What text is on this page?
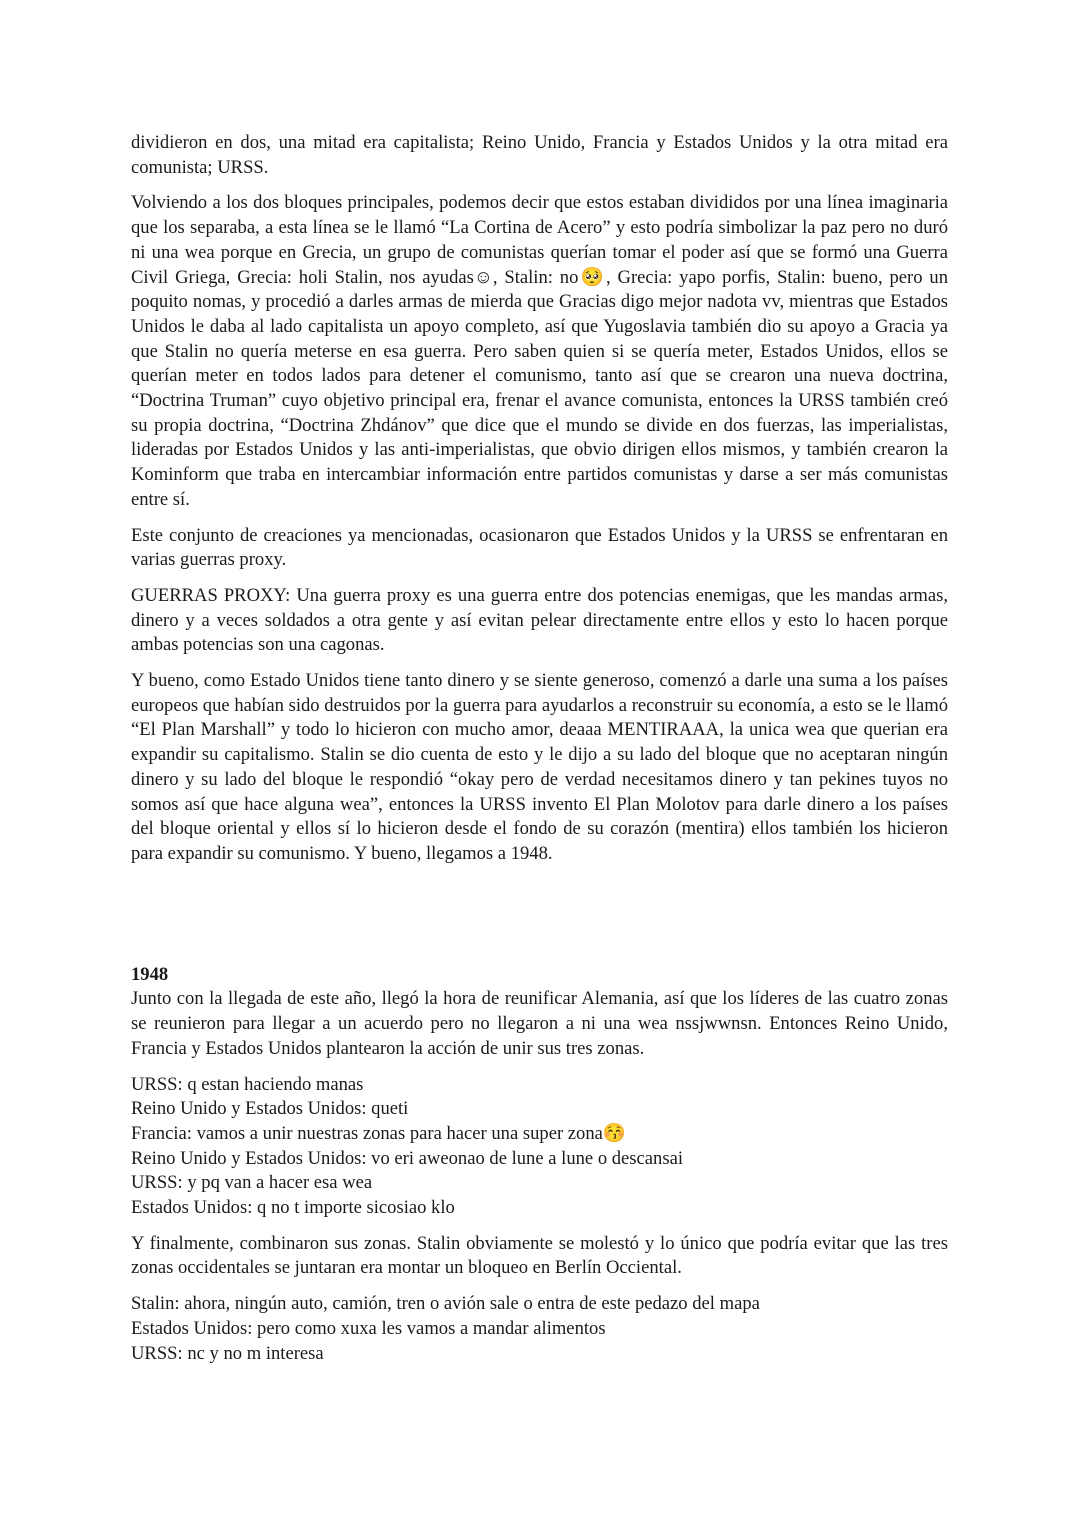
dividieron en dos, una mitad era capitalista; Reino Unido, Francia y Estados Unidos y la otra mitad era comunista; URSS.

Volviendo a los dos bloques principales, podemos decir que estos estaban divididos por una línea imaginaria que los separaba, a esta línea se le llamó “La Cortina de Acero” y esto podría simbolizar la paz pero no duró ni una wea porque en Grecia, un grupo de comunistas querían tomar el poder así que se formó una Guerra Civil Griega, Grecia: holi Stalin, nos ayudas☺, Stalin: no🥺, Grecia: yapo porfis, Stalin: bueno, pero un poquito nomas, y procedió a darles armas de mierda que Gracias digo mejor nadota vv, mientras que Estados Unidos le daba al lado capitalista un apoyo completo, así que Yugoslavia también dio su apoyo a Gracia ya que Stalin no quería meterse en esa guerra. Pero saben quien si se quería meter, Estados Unidos, ellos se querían meter en todos lados para detener el comunismo, tanto así que se crearon una nueva doctrina, “Doctrina Truman” cuyo objetivo principal era, frenar el avance comunista, entonces la URSS también creó su propia doctrina, “Doctrina Zhdánov” que dice que el mundo se divide en dos fuerzas, las imperialistas, lideradas por Estados Unidos y las anti-imperialistas, que obvio dirigen ellos mismos, y también crearon la Kominform que traba en intercambiar información entre partidos comunistas y darse a ser más comunistas entre sí.

Este conjunto de creaciones ya mencionadas, ocasionaron que Estados Unidos y la URSS se enfrentaran en varias guerras proxy.

GUERRAS PROXY: Una guerra proxy es una guerra entre dos potencias enemigas, que les mandas armas, dinero y a veces soldados a otra gente y así evitan pelear directamente entre ellos y esto lo hacen porque ambas potencias son una cagonas.

Y bueno, como Estado Unidos tiene tanto dinero y se siente generoso, comenzó a darle una suma a los países europeos que habían sido destruidos por la guerra para ayudarlos a reconstruir su economía, a esto se le llamó “El Plan Marshall” y todo lo hicieron con mucho amor, deaaa MENTIRAAA, la unica wea que querian era expandir su capitalismo. Stalin se dio cuenta de esto y le dijo a su lado del bloque que no aceptaran ningún dinero y su lado del bloque le respondió “okay pero de verdad necesitamos dinero y tan pekines tuyos no somos así que hace alguna wea”, entonces la URSS invento El Plan Molotov para darle dinero a los países del bloque oriental y ellos sí lo hicieron desde el fondo de su corazón (mentira) ellos también los hicieron para expandir su comunismo. Y bueno, llegamos a 1948.

1948

Junto con la llegada de este año, llegó la hora de reunificar Alemania, así que los líderes de las cuatro zonas se reunieron para llegar a un acuerdo pero no llegaron a ni una wea nssjwwnsn. Entonces Reino Unido, Francia y Estados Unidos plantearon la acción de unir sus tres zonas.

URSS: q estan haciendo manas
Reino Unido y Estados Unidos: queti
Francia: vamos a unir nuestras zonas para hacer una super zona😚
Reino Unido y Estados Unidos: vo eri aweonao de lune a lune o descansai
URSS: y pq van a hacer esa wea
Estados Unidos: q no t importe sicosiao klo

Y finalmente, combinaron sus zonas. Stalin obviamente se molestó y lo único que podría evitar que las tres zonas occidentales se juntaran era montar un bloqueo en Berlín Occiental.

Stalin: ahora, ningún auto, camión, tren o avión sale o entra de este pedazo del mapa
Estados Unidos: pero como xuxa les vamos a mandar alimentos
URSS: nc y no m interesa
